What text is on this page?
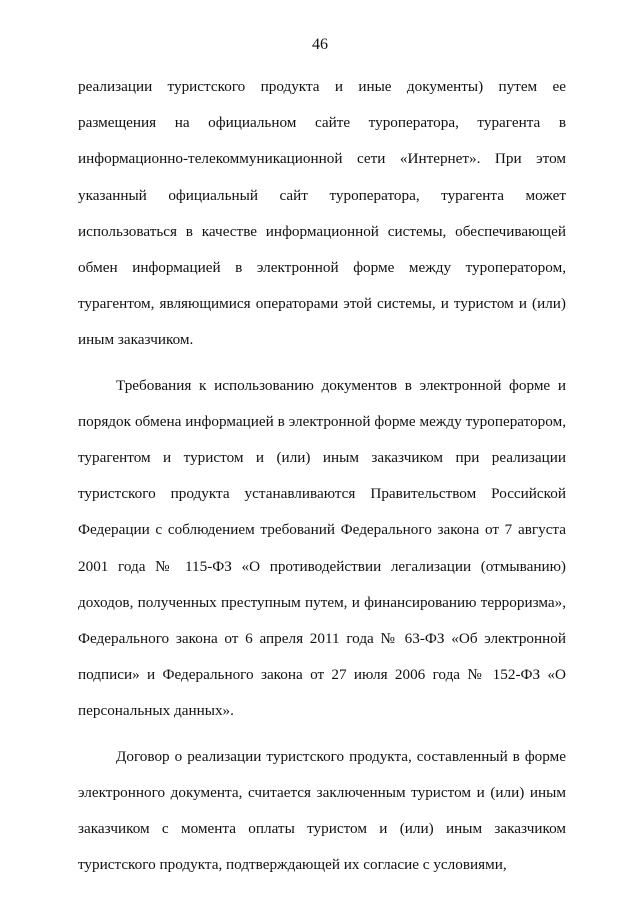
46

реализации туристского продукта и иные документы) путем ее размещения на официальном сайте туроператора, турагента в информационно-телекоммуникационной сети «Интернет». При этом указанный официальный сайт туроператора, турагента может использоваться в качестве информационной системы, обеспечивающей обмен информацией в электронной форме между туроператором, турагентом, являющимися операторами этой системы, и туристом и (или) иным заказчиком.

Требования к использованию документов в электронной форме и порядок обмена информацией в электронной форме между туроператором, турагентом и туристом и (или) иным заказчиком при реализации туристского продукта устанавливаются Правительством Российской Федерации с соблюдением требований Федерального закона от 7 августа 2001 года № 115-ФЗ «О противодействии легализации (отмыванию) доходов, полученных преступным путем, и финансированию терроризма», Федерального закона от 6 апреля 2011 года № 63-ФЗ «Об электронной подписи» и Федерального закона от 27 июля 2006 года № 152-ФЗ «О персональных данных».

Договор о реализации туристского продукта, составленный в форме электронного документа, считается заключенным туристом и (или) иным заказчиком с момента оплаты туристом и (или) иным заказчиком туристского продукта, подтверждающей их согласие с условиями,
